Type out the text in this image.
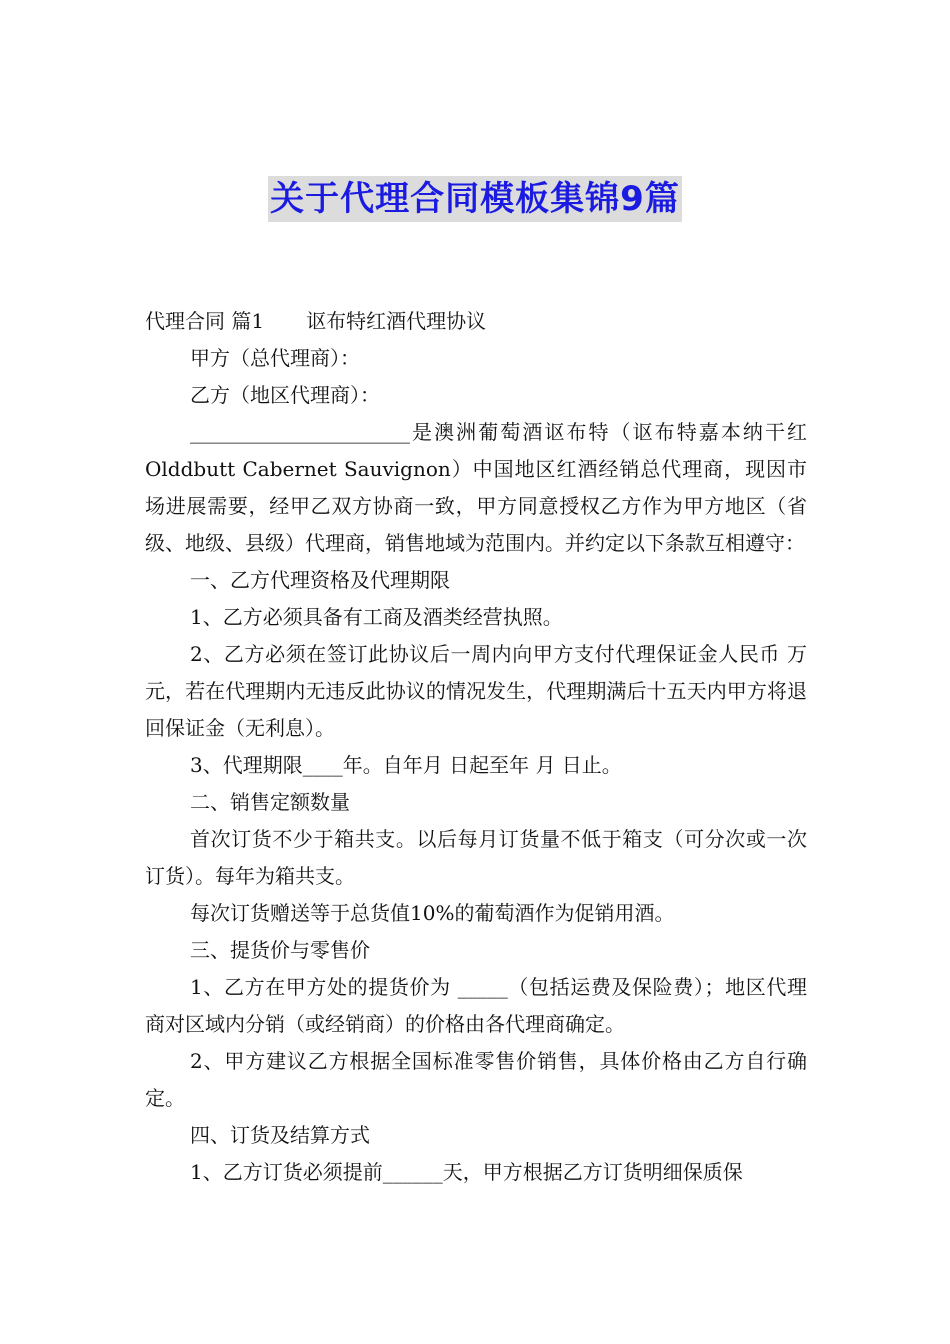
关于代理合同模板集锦9篇

代理合同 篇1 讴布特红酒代理协议

甲方（总代理商）：

乙方（地区代理商）：

______________________是澳洲葡萄酒讴布特（讴布特嘉本纳干红 Olddbutt Cabernet Sauvignon）中国地区红酒经销总代理商，现因市场进展需要，经甲乙双方协商一致，甲方同意授权乙方作为甲方地区（省级、地级、县级）代理商，销售地域为范围内。并约定以下条款互相遵守：

一、乙方代理资格及代理期限

1、乙方必须具备有工商及酒类经营执照。

2、乙方必须在签订此协议后一周内向甲方支付代理保证金人民币 万元，若在代理期内无违反此协议的情况发生，代理期满后十五天内甲方将退回保证金（无利息）。

3、代理期限____年。自年月 日起至年 月 日止。

二、销售定额数量

首次订货不少于箱共支。以后每月订货量不低于箱支（可分次或一次订货）。每年为箱共支。

每次订货赠送等于总货值10%的葡萄酒作为促销用酒。

三、提货价与零售价

1、乙方在甲方处的提货价为 _____（包括运费及保险费）；地区代理商对区域内分销（或经销商）的价格由各代理商确定。

2、甲方建议乙方根据全国标准零售价销售，具体价格由乙方自行确定。

四、订货及结算方式

1、乙方订货必须提前______天，甲方根据乙方订货明细保质保
